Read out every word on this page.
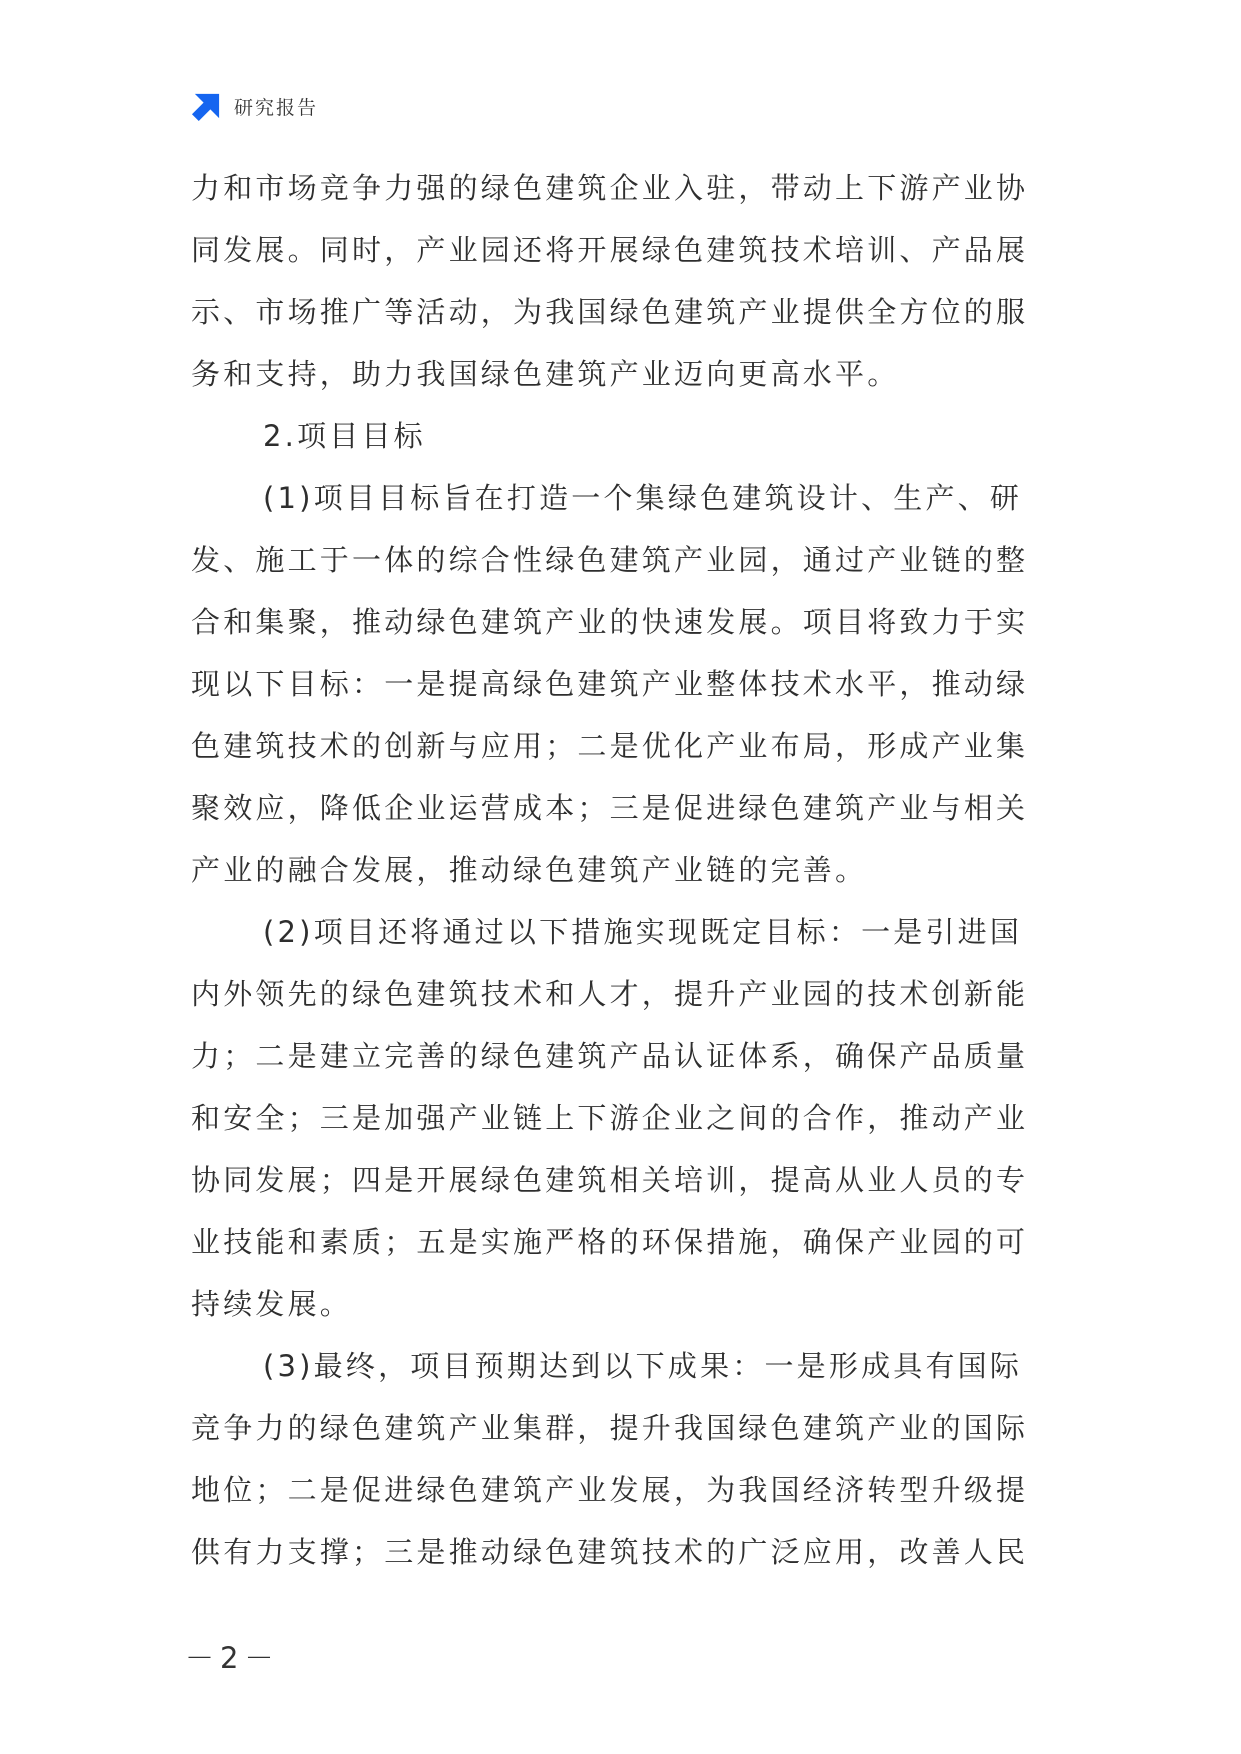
研究报告
力和市场竞争力强的绿色建筑企业入驻，带动上下游产业协
同发展。同时，产业园还将开展绿色建筑技术培训、产品展
示、市场推广等活动，为我国绿色建筑产业提供全方位的服
务和支持，助力我国绿色建筑产业迈向更高水平。
2.项目目标
(1)项目目标旨在打造一个集绿色建筑设计、生产、研
发、施工于一体的综合性绿色建筑产业园，通过产业链的整
合和集聚，推动绿色建筑产业的快速发展。项目将致力于实
现以下目标：一是提高绿色建筑产业整体技术水平，推动绿
色建筑技术的创新与应用；二是优化产业布局，形成产业集
聚效应，降低企业运营成本；三是促进绿色建筑产业与相关
产业的融合发展，推动绿色建筑产业链的完善。
(2)项目还将通过以下措施实现既定目标：一是引进国
内外领先的绿色建筑技术和人才，提升产业园的技术创新能
力；二是建立完善的绿色建筑产品认证体系，确保产品质量
和安全；三是加强产业链上下游企业之间的合作，推动产业
协同发展；四是开展绿色建筑相关培训，提高从业人员的专
业技能和素质；五是实施严格的环保措施，确保产业园的可
持续发展。
(3)最终，项目预期达到以下成果：一是形成具有国际
竞争力的绿色建筑产业集群，提升我国绿色建筑产业的国际
地位；二是促进绿色建筑产业发展，为我国经济转型升级提
供有力支撑；三是推动绿色建筑技术的广泛应用，改善人民
－2－
